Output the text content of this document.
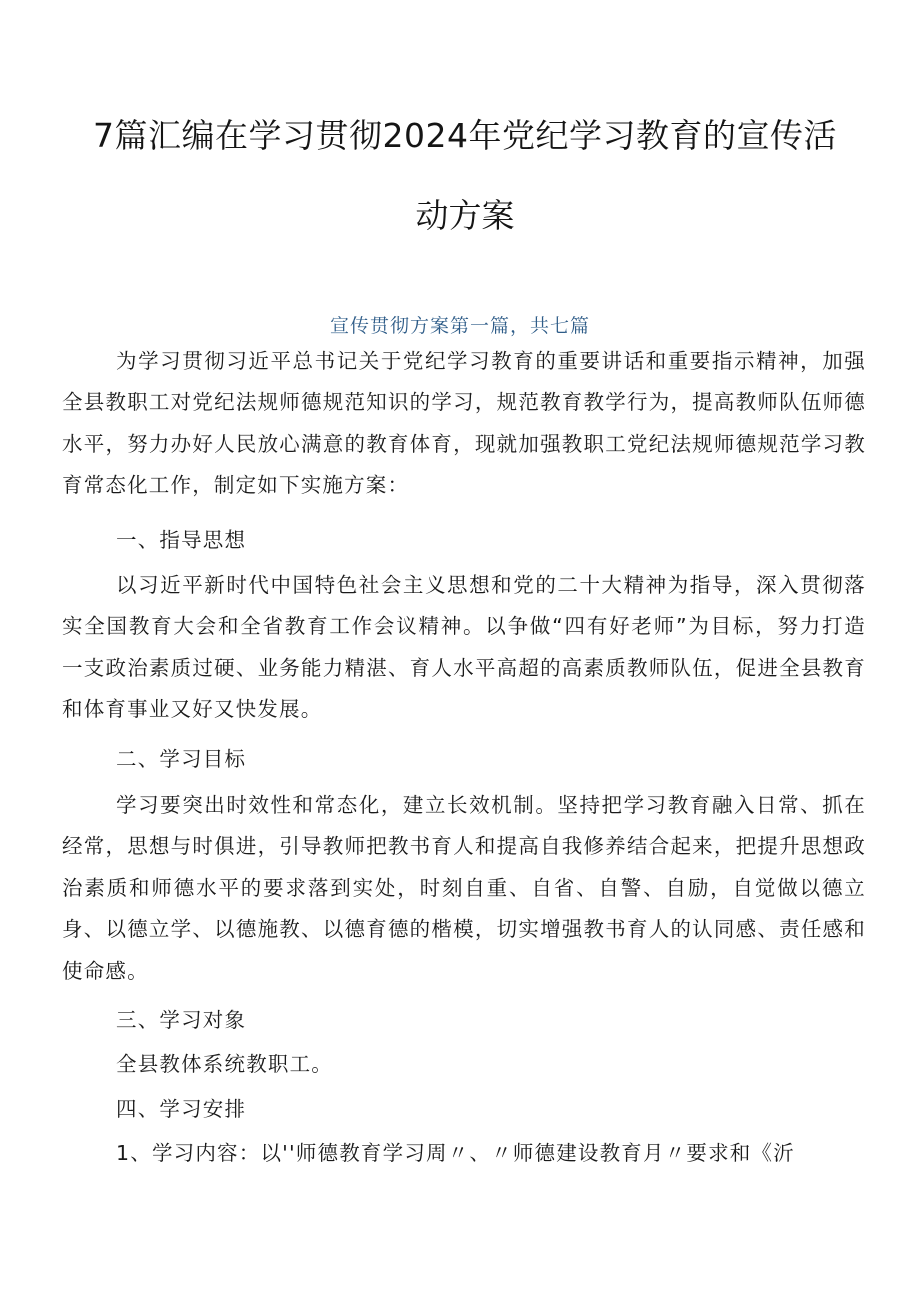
7篇汇编在学习贯彻2024年党纪学习教育的宣传活
动方案
宣传贯彻方案第一篇，共七篇
为学习贯彻习近平总书记关于党纪学习教育的重要讲话和重要指示精神，加强全县教职工对党纪法规师德规范知识的学习，规范教育教学行为，提高教师队伍师德水平，努力办好人民放心满意的教育体育，现就加强教职工党纪法规师德规范学习教育常态化工作，制定如下实施方案：
一、指导思想
以习近平新时代中国特色社会主义思想和党的二十大精神为指导，深入贯彻落实全国教育大会和全省教育工作会议精神。以争做“四有好老师”为目标，努力打造一支政治素质过硬、业务能力精湛、育人水平高超的高素质教师队伍，促进全县教育和体育事业又好又快发展。
二、学习目标
学习要突出时效性和常态化，建立长效机制。坚持把学习教育融入日常、抓在经常，思想与时俱进，引导教师把教书育人和提高自我修养结合起来，把提升思想政治素质和师德水平的要求落到实处，时刻自重、自省、自警、自励，自觉做以德立身、以德立学、以德施教、以德育德的楷模，切实增强教书育人的认同感、责任感和使命感。
三、学习对象
全县教体系统教职工。
四、学习安排
1、学习内容：以''师德教育学习周〃、〃师德建设教育月〃要求和《沂
